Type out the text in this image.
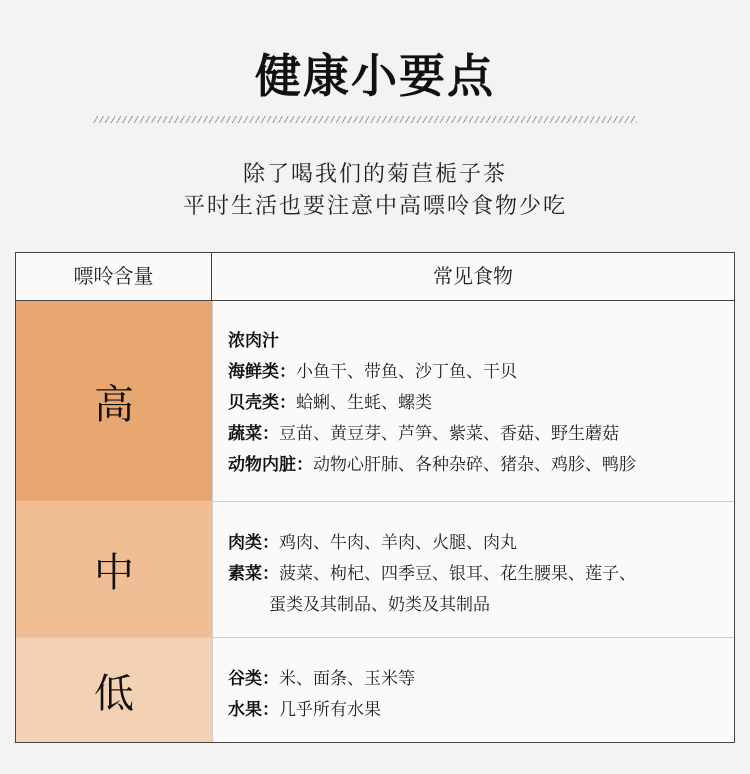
健康小要点
除了喝我们的菊苣栀子茶
平时生活也要注意中高嘌呤食物少吃
嘌呤含量	常见食物
高
浓肉汁
海鲜类：小鱼干、带鱼、沙丁鱼、干贝
贝壳类：蛤蜊、生蚝、螺类
蔬菜：豆苗、黄豆芽、芦笋、紫菜、香菇、野生蘑菇
动物内脏：动物心肝肺、各种杂碎、猪杂、鸡胗、鸭胗
中
肉类：鸡肉、牛肉、羊肉、火腿、肉丸
素菜：菠菜、枸杞、四季豆、银耳、花生腰果、莲子、
蛋类及其制品、奶类及其制品
低	谷类：米、面条、玉米等
水果：几乎所有水果
